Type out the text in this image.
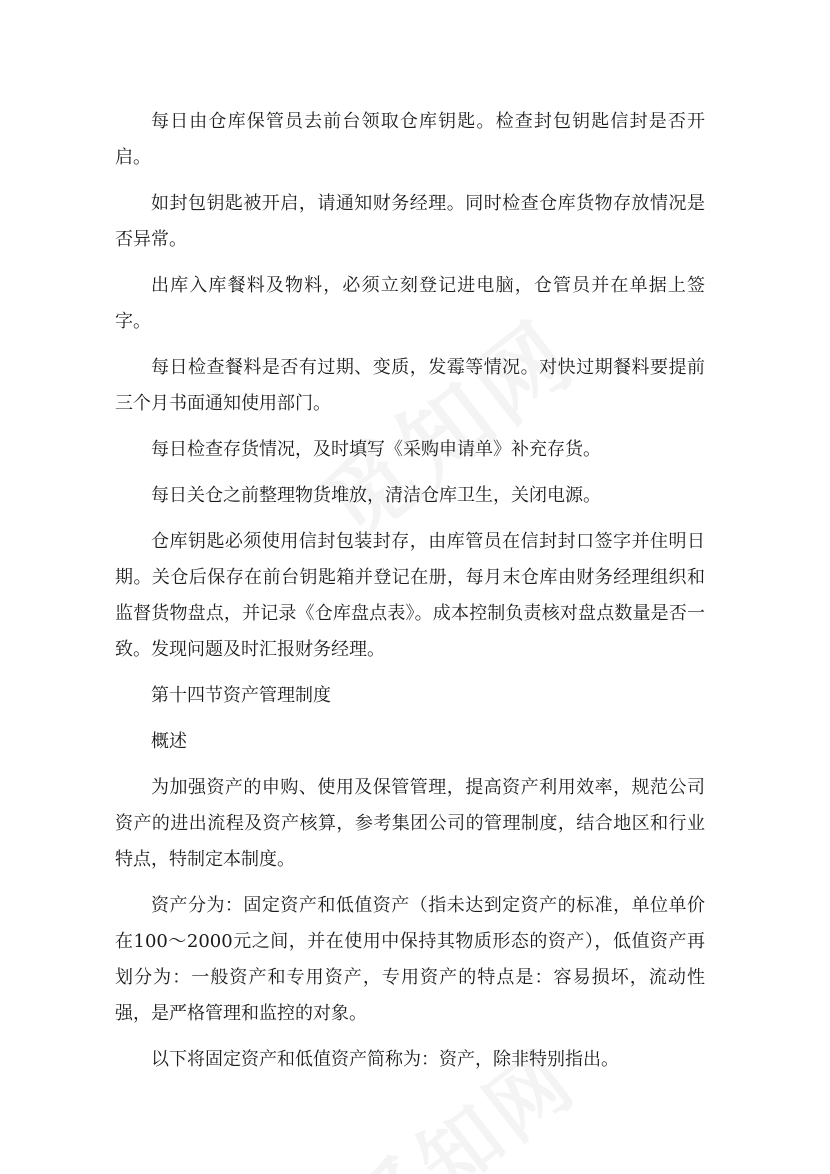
每日由仓库保管员去前台领取仓库钥匙。检查封包钥匙信封是否开启。

如封包钥匙被开启，请通知财务经理。同时检查仓库货物存放情况是否异常。

出库入库餐料及物料，必须立刻登记进电脑，仓管员并在单据上签字。

每日检查餐料是否有过期、变质，发霉等情况。对快过期餐料要提前三个月书面通知使用部门。

每日检查存货情况，及时填写《采购申请单》补充存货。

每日关仓之前整理物货堆放，清洁仓库卫生，关闭电源。

仓库钥匙必须使用信封包装封存，由库管员在信封封口签字并住明日期。关仓后保存在前台钥匙箱并登记在册，每月末仓库由财务经理组织和监督货物盘点，并记录《仓库盘点表》。成本控制负责核对盘点数量是否一致。发现问题及时汇报财务经理。

第十四节资产管理制度

概述

为加强资产的申购、使用及保管管理，提高资产利用效率，规范公司资产的进出流程及资产核算，参考集团公司的管理制度，结合地区和行业特点，特制定本制度。

资产分为：固定资产和低值资产（指未达到定资产的标准，单位单价在100～2000元之间，并在使用中保持其物质形态的资产），低值资产再划分为：一般资产和专用资产，专用资产的特点是：容易损坏，流动性强，是严格管理和监控的对象。

以下将固定资产和低值资产简称为：资产，除非特别指出。
